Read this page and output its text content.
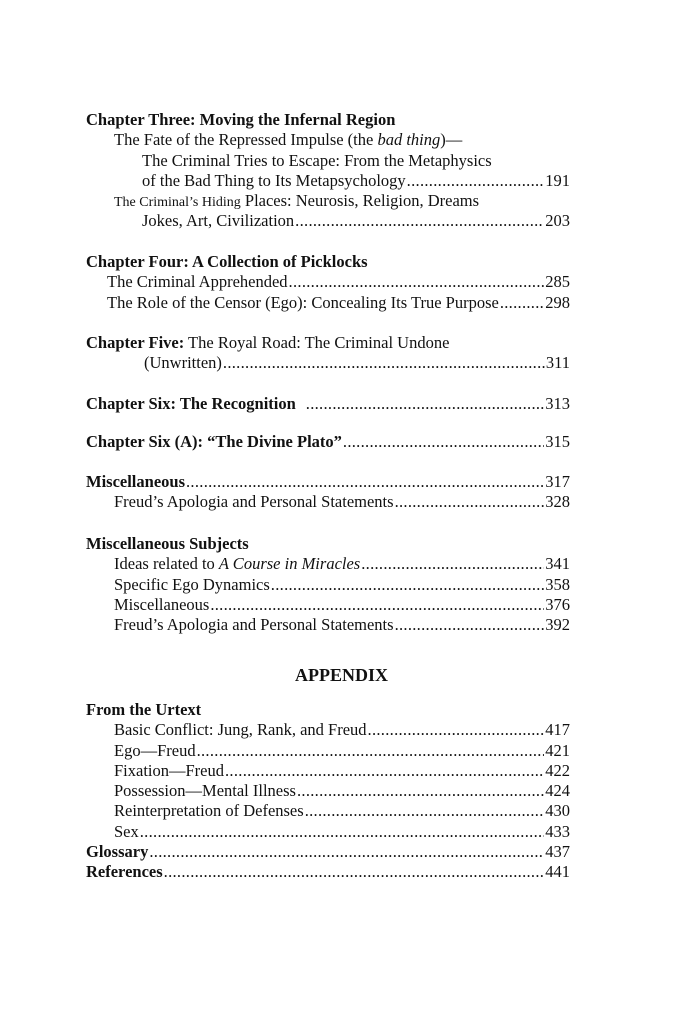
Chapter Three: Moving the Infernal Region
The Fate of the Repressed Impulse (the bad thing)—
The Criminal Tries to Escape: From the Metaphysics
of the Bad Thing to Its Metapsychology .....	191
The Criminal’s Hiding Places: Neurosis, Religion, Dreams
Jokes, Art, Civilization .....	203
Chapter Four: A Collection of Picklocks
The Criminal Apprehended .....	285
The Role of the Censor (Ego): Concealing Its True Purpose .....	298
Chapter Five: The Royal Road: The Criminal Undone
(Unwritten) .....	311
Chapter Six: The Recognition .....	313
Chapter Six (A): “The Divine Plato” .....	315
Miscellaneous .....	317
Freud’s Apologia and Personal Statements .....	328
Miscellaneous Subjects
Ideas related to A Course in Miracles .....	341
Specific Ego Dynamics .....	358
Miscellaneous .....	376
Freud’s Apologia and Personal Statements .....	392
APPENDIX
From the Urtext
Basic Conflict: Jung, Rank, and Freud .....	417
Ego—Freud .....	421
Fixation—Freud .....	422
Possession—Mental Illness .....	424
Reinterpretation of Defenses .....	430
Sex .....	433
Glossary .....	437
References .....	441
